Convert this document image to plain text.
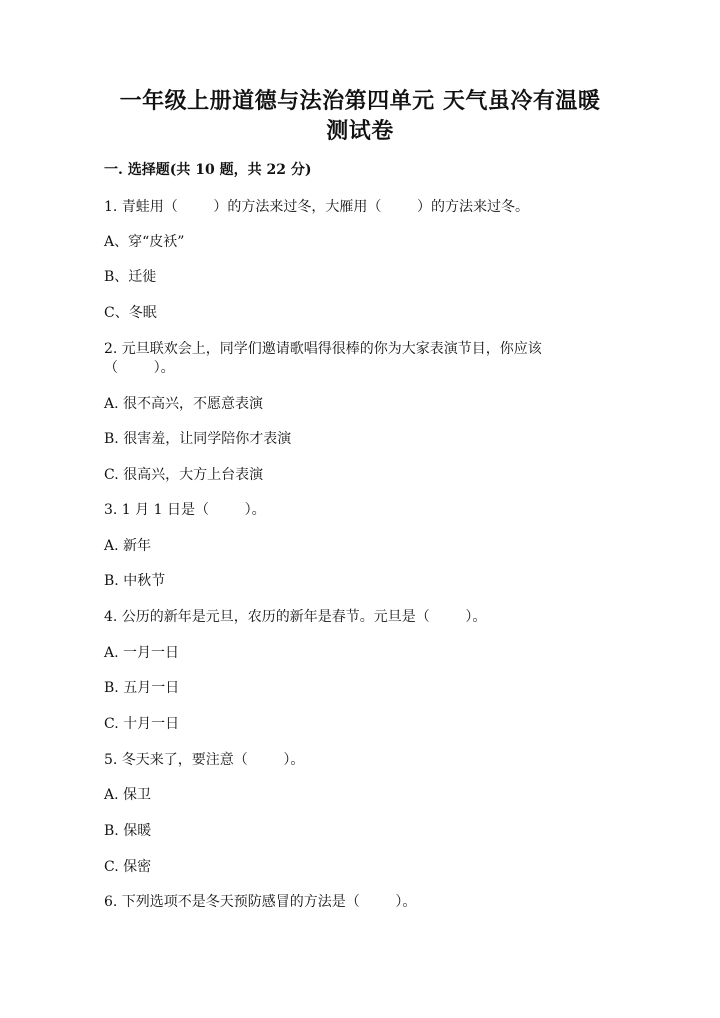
一年级上册道德与法治第四单元 天气虽冷有温暖
测试卷
一. 选择题(共 10 题，共 22 分)
1. 青蛙用（        ）的方法来过冬，大雁用（        ）的方法来过冬。
A、穿“皮袄”
B、迁徙
C、冬眠
2. 元旦联欢会上，同学们邀请歌唱得很棒的你为大家表演节目，你应该
（        ）。
A. 很不高兴，不愿意表演
B. 很害羞，让同学陪你才表演
C. 很高兴，大方上台表演
3. 1 月 1 日是（        ）。
A. 新年
B. 中秋节
4. 公历的新年是元旦，农历的新年是春节。元旦是（        ）。
A. 一月一日
B. 五月一日
C. 十月一日
5. 冬天来了，要注意（        ）。
A. 保卫
B. 保暖
C. 保密
6. 下列选项不是冬天预防感冒的方法是（        ）。
